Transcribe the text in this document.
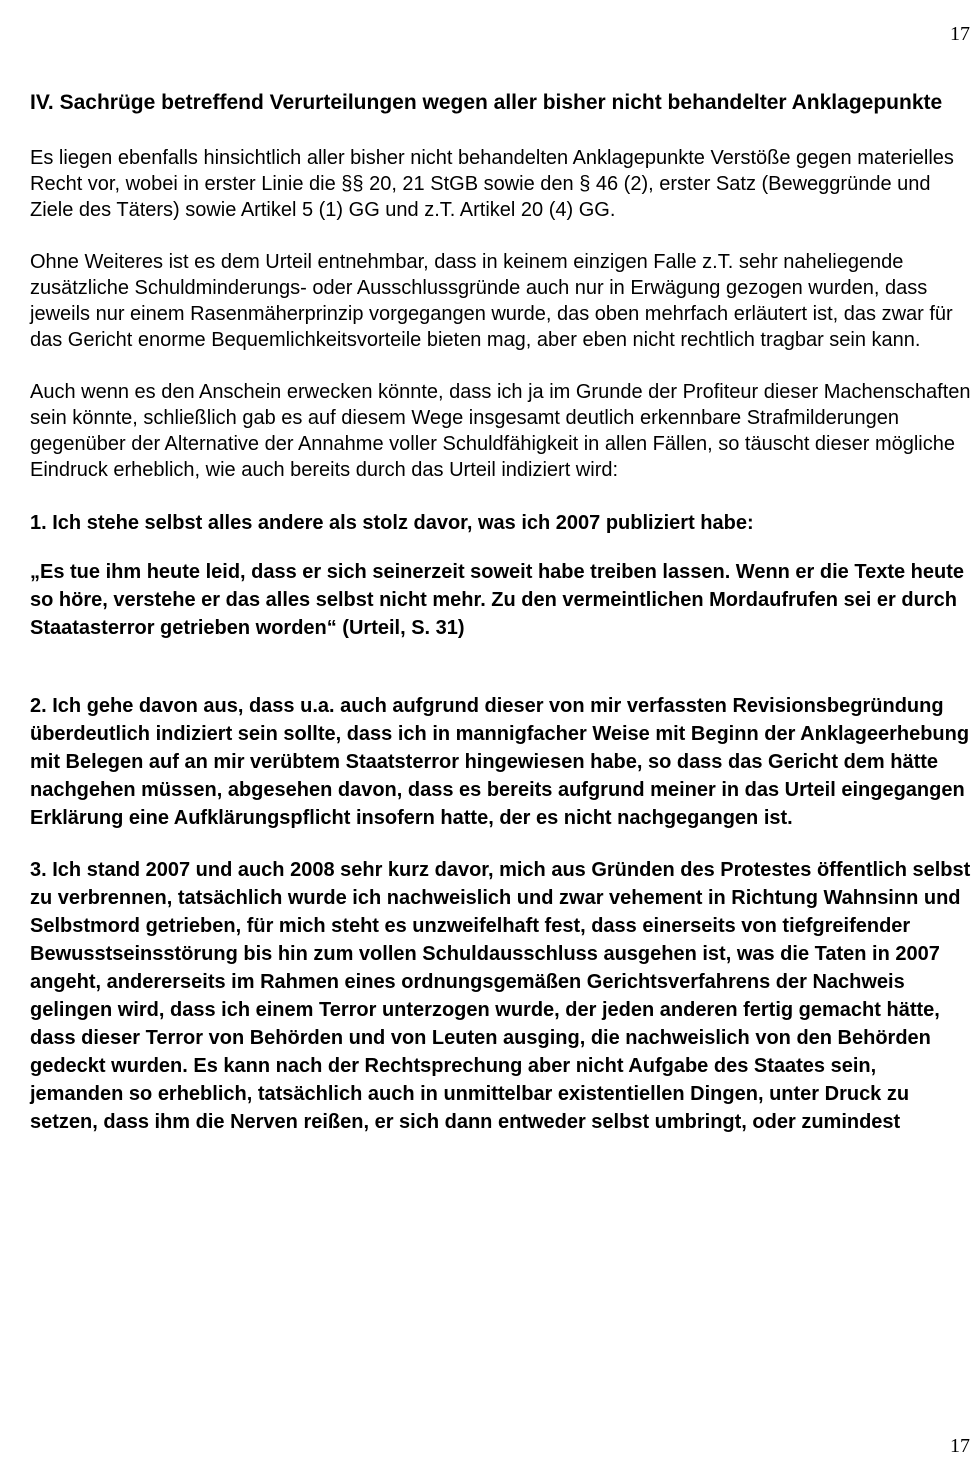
17
IV. Sachrüge betreffend Verurteilungen wegen aller bisher nicht behandelter Anklagepunkte

Es liegen ebenfalls hinsichtlich aller bisher nicht behandelten Anklagepunkte Verstöße gegen materielles Recht vor, wobei in erster Linie die §§ 20, 21 StGB sowie den § 46 (2), erster Satz (Beweggründe und Ziele des Täters) sowie Artikel 5 (1) GG und z.T. Artikel 20 (4) GG.

Ohne Weiteres ist es dem Urteil entnehmbar, dass in keinem einzigen Falle z.T. sehr naheliegende zusätzliche Schuldminderungs- oder Ausschlussgründe auch nur in Erwägung gezogen wurden, dass jeweils nur einem Rasenmäherprinzip vorgegangen wurde, das oben mehrfach erläutert ist, das zwar für das Gericht enorme Bequemlichkeitsvorteile bieten mag, aber eben nicht rechtlich tragbar sein kann.

Auch wenn es den Anschein erwecken könnte, dass ich ja im Grunde der Profiteur dieser Machenschaften sein könnte, schließlich gab es auf diesem Wege insgesamt deutlich erkennbare Strafmilderungen gegenüber der Alternative der Annahme voller Schuldfähigkeit in allen Fällen, so täuscht dieser mögliche Eindruck erheblich, wie auch bereits durch das Urteil indiziert wird:

1. Ich stehe selbst alles andere als stolz davor, was ich 2007 publiziert habe:

„Es tue ihm heute leid, dass er sich seinerzeit soweit habe treiben lassen. Wenn er die Texte heute so höre, verstehe er das alles selbst nicht mehr. Zu den vermeintlichen Mordaufrufen sei er durch Staatasterror getrieben worden“ (Urteil, S. 31)

2. Ich gehe davon aus, dass u.a. auch aufgrund dieser von mir verfassten Revisionsbegründung überdeutlich indiziert sein sollte, dass ich in mannigfacher Weise mit Beginn der Anklageerhebung mit Belegen auf an mir verübtem Staatsterror hingewiesen habe, so dass das Gericht dem hätte nachgehen müssen, abgesehen davon, dass es bereits aufgrund meiner in das Urteil eingegangen Erklärung eine Aufklärungspflicht insofern hatte, der es nicht nachgegangen ist.

3. Ich stand 2007 und auch 2008 sehr kurz davor, mich aus Gründen des Protestes öffentlich selbst zu verbrennen, tatsächlich wurde ich nachweislich und zwar vehement in Richtung Wahnsinn und Selbstmord getrieben, für mich steht es unzweifelhaft fest, dass einerseits von tiefgreifender Bewusstseinsstörung bis hin zum vollen Schuldausschluss ausgehen ist, was die Taten in 2007 angeht, andererseits im Rahmen eines ordnungsgemäßen Gerichtsverfahrens der Nachweis gelingen wird, dass ich einem Terror unterzogen wurde, der jeden anderen fertig gemacht hätte, dass dieser Terror von Behörden und von Leuten ausging, die nachweislich von den Behörden gedeckt wurden. Es kann nach der Rechtsprechung aber nicht Aufgabe des Staates sein, jemanden so erheblich, tatsächlich auch in unmittelbar existentiellen Dingen, unter Druck zu setzen, dass ihm die Nerven reißen, er sich dann entweder selbst umbringt, oder zumindest

17
